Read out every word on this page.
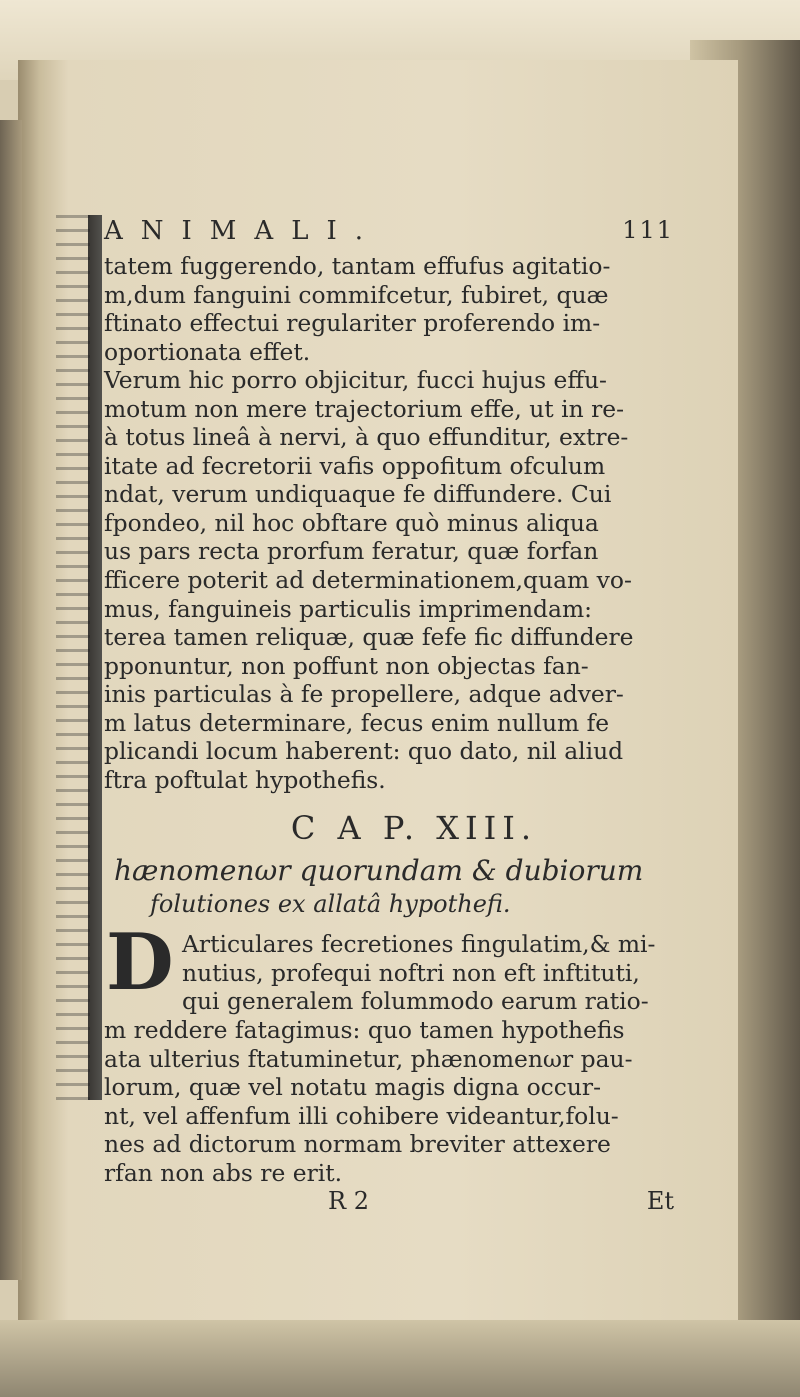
ANIMALI.	111
tatem fuggerendo, tantam effufus agitatio-
m,dum fanguini commifcetur, fubiret, quæ
ftinato effectui regulariter proferendo im-
oportionata effet.
Verum hic porro objicitur, fucci hujus effu-
motum non mere trajectorium effe, ut in re-
à totus lineâ à nervi, à quo effunditur, extre-
itate ad fecretorii vafis oppofitum ofculum
ndat, verum undiquaque fe diffundere. Cui
fpondeo, nil hoc obftare quò minus aliqua
us pars recta prorfum feratur, quæ forfan
fficere poterit ad determinationem,quam vo-
mus, fanguineis particulis imprimendam:
terea tamen reliquæ, quæ fefe fic diffundere
pponuntur, non poffunt non objectas fan-
inis particulas à fe propellere, adque adver-
m latus determinare, fecus enim nullum fe
plicandi locum haberent: quo dato, nil aliud
ftra poftulat hypothefis.
C A P. XIII.
hænomenωr quorundam & dubiorum
folutiones ex allatâ hypothefi.
D Articulares fecretiones fingulatim,& mi-
nutius, profequi noftri non eft inftituti,
qui generalem folummodo earum ratio-
m reddere fatagimus: quo tamen hypothefis
ata ulterius ftatuminetur, phænomenωr pau-
lorum, quæ vel notatu magis digna occur-
nt, vel affenfum illi cohibere videantur,folu-
nes ad dictorum normam breviter attexere
rfan non abs re erit.
R 2	Et
